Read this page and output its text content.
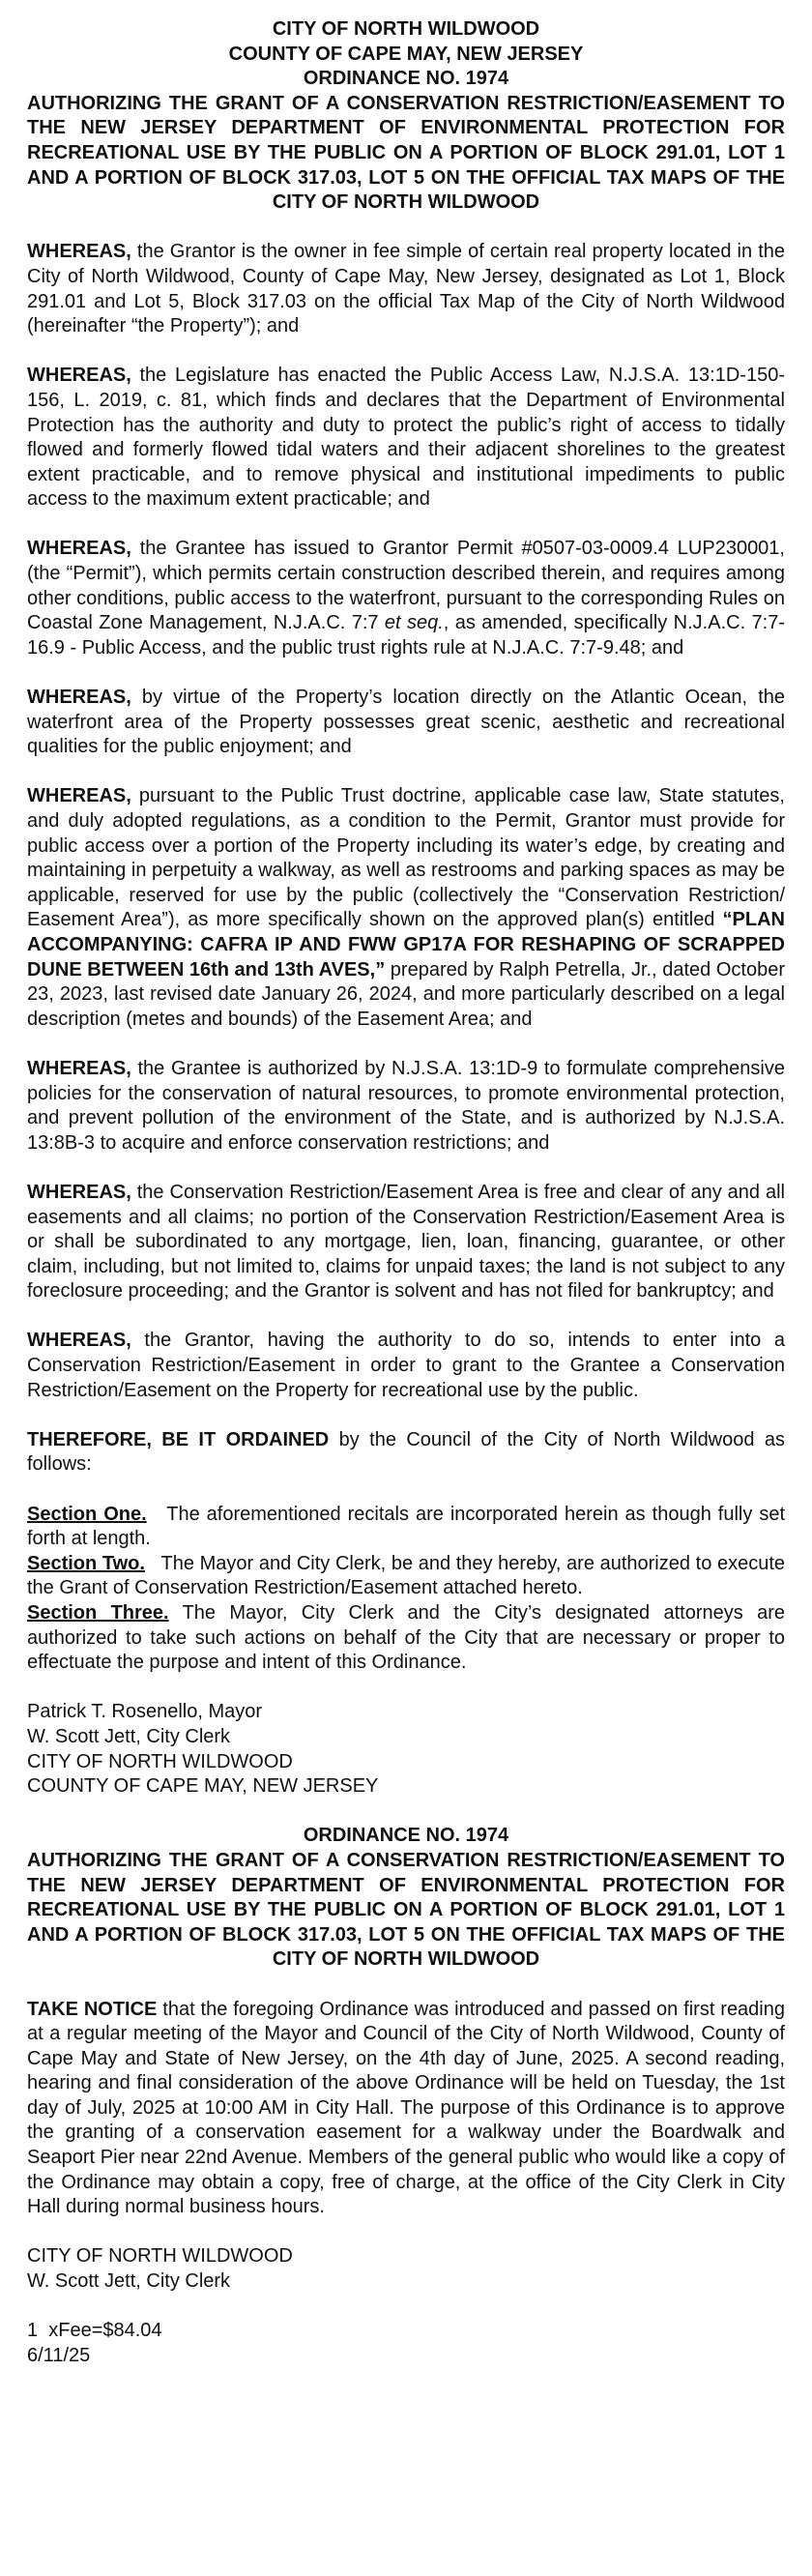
CITY OF NORTH WILDWOOD
COUNTY OF CAPE MAY, NEW JERSEY
ORDINANCE NO. 1974
AUTHORIZING THE GRANT OF A CONSERVATION RESTRICTION/EASEMENT TO THE NEW JERSEY DEPARTMENT OF ENVIRONMENTAL PROTECTION FOR RECREATIONAL USE BY THE PUBLIC ON A PORTION OF BLOCK 291.01, LOT 1 AND A PORTION OF BLOCK 317.03, LOT 5 ON THE OFFICIAL TAX MAPS OF THE CITY OF NORTH WILDWOOD

WHEREAS, the Grantor is the owner in fee simple of certain real property located in the City of North Wildwood, County of Cape May, New Jersey, designated as Lot 1, Block 291.01 and Lot 5, Block 317.03 on the official Tax Map of the City of North Wildwood (hereinafter “the Property”); and

WHEREAS, the Legislature has enacted the Public Access Law, N.J.S.A. 13:1D-150-156, L. 2019, c. 81, which finds and declares that the Department of Environmental Protection has the authority and duty to protect the public’s right of access to tidally flowed and formerly flowed tidal waters and their adjacent shorelines to the greatest extent practicable, and to remove physical and institutional impediments to public access to the maximum extent practicable; and

WHEREAS, the Grantee has issued to Grantor Permit #0507-03-0009.4 LUP230001, (the “Permit”), which permits certain construction described therein, and requires among other conditions, public access to the waterfront, pursuant to the corresponding Rules on Coastal Zone Management, N.J.A.C. 7:7 et seq., as amended, specifically N.J.A.C. 7:7-16.9 - Public Access, and the public trust rights rule at N.J.A.C. 7:7-9.48; and

WHEREAS, by virtue of the Property’s location directly on the Atlantic Ocean, the waterfront area of the Property possesses great scenic, aesthetic and recreational qualities for the public enjoyment; and

WHEREAS, pursuant to the Public Trust doctrine, applicable case law, State statutes, and duly adopted regulations, as a condition to the Permit, Grantor must provide for public access over a portion of the Property including its water’s edge, by creating and maintaining in perpetuity a walkway, as well as restrooms and parking spaces as may be applicable, reserved for use by the public (collectively the “Conservation Restriction/ Easement Area”), as more specifically shown on the approved plan(s) entitled “PLAN ACCOMPANYING: CAFRA IP AND FWW GP17A FOR RESHAPING OF SCRAPPED DUNE BETWEEN 16th and 13th AVES,” prepared by Ralph Petrella, Jr., dated October 23, 2023, last revised date January 26, 2024, and more particularly described on a legal description (metes and bounds) of the Easement Area; and

WHEREAS, the Grantee is authorized by N.J.S.A. 13:1D-9 to formulate comprehensive policies for the conservation of natural resources, to promote environmental protection, and prevent pollution of the environment of the State, and is authorized by N.J.S.A. 13:8B-3 to acquire and enforce conservation restrictions; and

WHEREAS, the Conservation Restriction/Easement Area is free and clear of any and all easements and all claims; no portion of the Conservation Restriction/Easement Area is or shall be subordinated to any mortgage, lien, loan, financing, guarantee, or other claim, including, but not limited to, claims for unpaid taxes; the land is not subject to any foreclosure proceeding; and the Grantor is solvent and has not filed for bankruptcy; and

WHEREAS, the Grantor, having the authority to do so, intends to enter into a Conservation Restriction/Easement in order to grant to the Grantee a Conservation Restriction/Easement on the Property for recreational use by the public.

THEREFORE, BE IT ORDAINED by the Council of the City of North Wildwood as follows:

Section One.   The aforementioned recitals are incorporated herein as though fully set forth at length.

Section Two.   The Mayor and City Clerk, be and they hereby, are authorized to execute the Grant of Conservation Restriction/Easement attached hereto.

Section Three. The Mayor, City Clerk and the City’s designated attorneys are authorized to take such actions on behalf of the City that are necessary or proper to effectuate the purpose and intent of this Ordinance.

Patrick T. Rosenello, Mayor
W. Scott Jett, City Clerk
CITY OF NORTH WILDWOOD
COUNTY OF CAPE MAY, NEW JERSEY
ORDINANCE NO. 1974
AUTHORIZING THE GRANT OF A CONSERVATION RESTRICTION/EASEMENT TO THE NEW JERSEY DEPARTMENT OF ENVIRONMENTAL PROTECTION FOR RECREATIONAL USE BY THE PUBLIC ON A PORTION OF BLOCK 291.01, LOT 1 AND A PORTION OF BLOCK 317.03, LOT 5 ON THE OFFICIAL TAX MAPS OF THE CITY OF NORTH WILDWOOD

TAKE NOTICE that the foregoing Ordinance was introduced and passed on first reading at a regular meeting of the Mayor and Council of the City of North Wildwood, County of Cape May and State of New Jersey, on the 4th day of June, 2025. A second reading, hearing and final consideration of the above Ordinance will be held on Tuesday, the 1st day of July, 2025 at 10:00 AM in City Hall. The purpose of this Ordinance is to approve the granting of a conservation easement for a walkway under the Boardwalk and Seaport Pier near 22nd Avenue. Members of the general public who would like a copy of the Ordinance may obtain a copy, free of charge, at the office of the City Clerk in City Hall during normal business hours.

CITY OF NORTH WILDWOOD
W. Scott Jett, City Clerk
1  xFee=$84.04
6/11/25
